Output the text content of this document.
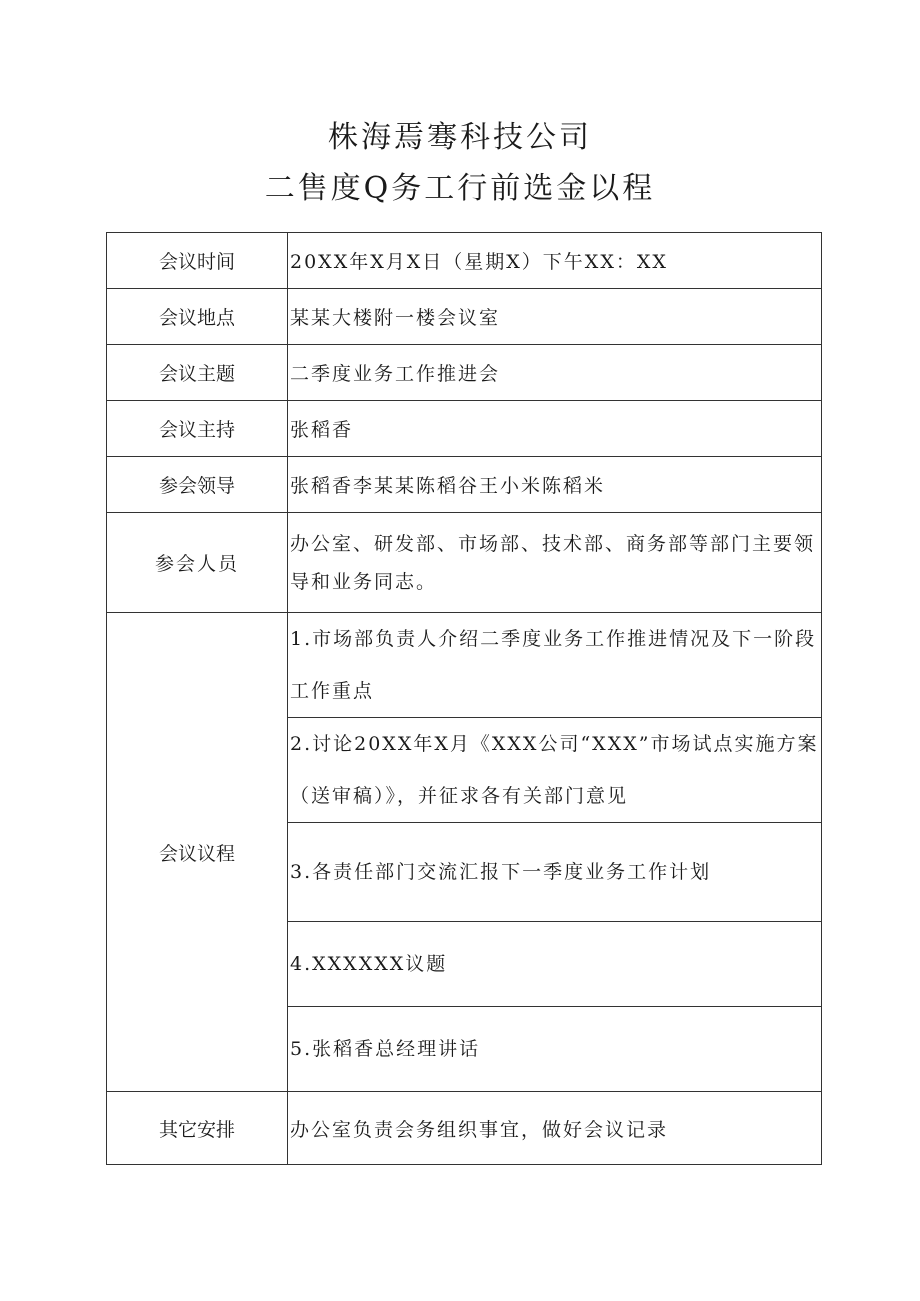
株海焉骞科技公司
二售度Q务工行前选金以程
会议时间	20XX年X月X日（星期X）下午XX：XX
会议地点	某某大楼附一楼会议室
会议主题	二季度业务工作推进会
会议主持	张稻香
参会领导	张稻香李某某陈稻谷王小米陈稻米
参会人员	办公室、研发部、市场部、技术部、商务部等部门主要领导和业务同志。
会议议程	1.市场部负责人介绍二季度业务工作推进情况及下一阶段工作重点
	2.讨论20XX年X月《XXX公司“XXX”市场试点实施方案（送审稿）》，并征求各有关部门意见
	3.各责任部门交流汇报下一季度业务工作计划
	4.XXXXXX议题
	5.张稻香总经理讲话
其它安排	办公室负责会务组织事宜，做好会议记录
